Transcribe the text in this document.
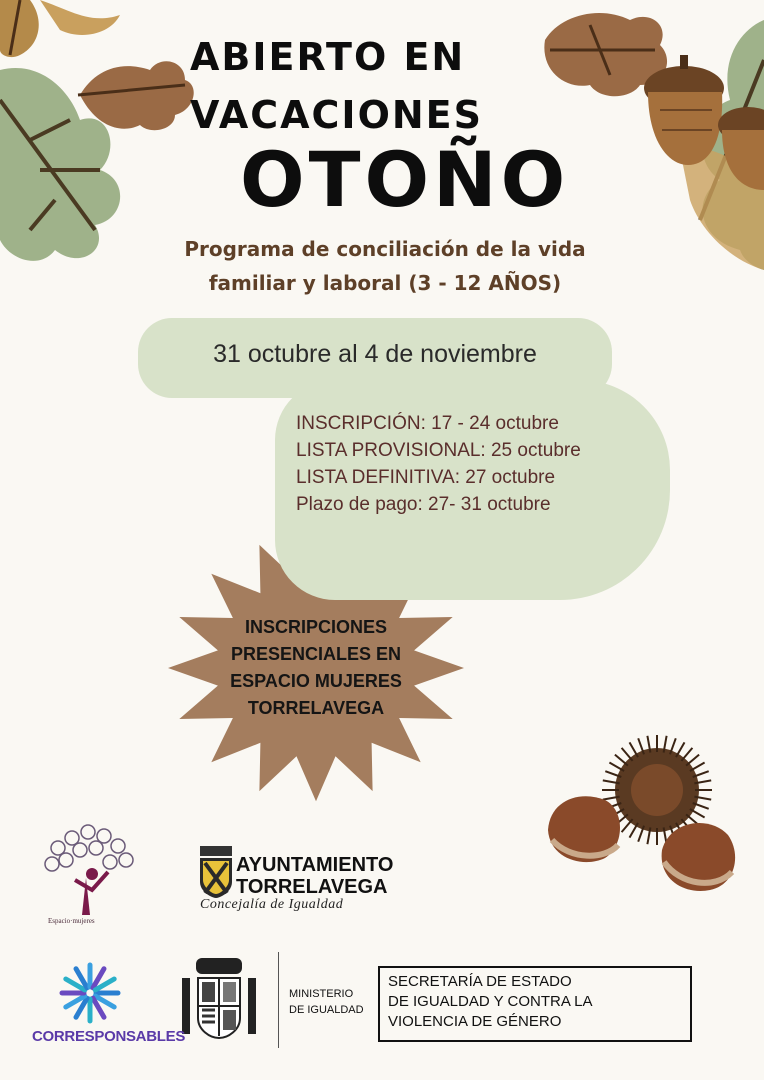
ABIERTO EN
VACACIONES
OTOÑO
Programa de conciliación de la vida
familiar y laboral (3 - 12 AÑOS)
31 octubre al 4 de noviembre
INSCRIPCIÓN: 17 - 24 octubre
LISTA PROVISIONAL: 25 octubre
LISTA DEFINITIVA: 27 octubre
Plazo de pago: 27- 31 octubre
INSCRIPCIONES
PRESENCIALES EN
ESPACIO MUJERES
TORRELAVEGA
Espacio·mujeres
AYUNTAMIENTO
TORRELAVEGA
Concejalía de Igualdad
CORRESPONSABLES
MINISTERIO
DE IGUALDAD
SECRETARÍA DE ESTADO
DE IGUALDAD Y CONTRA LA
VIOLENCIA DE GÉNERO
